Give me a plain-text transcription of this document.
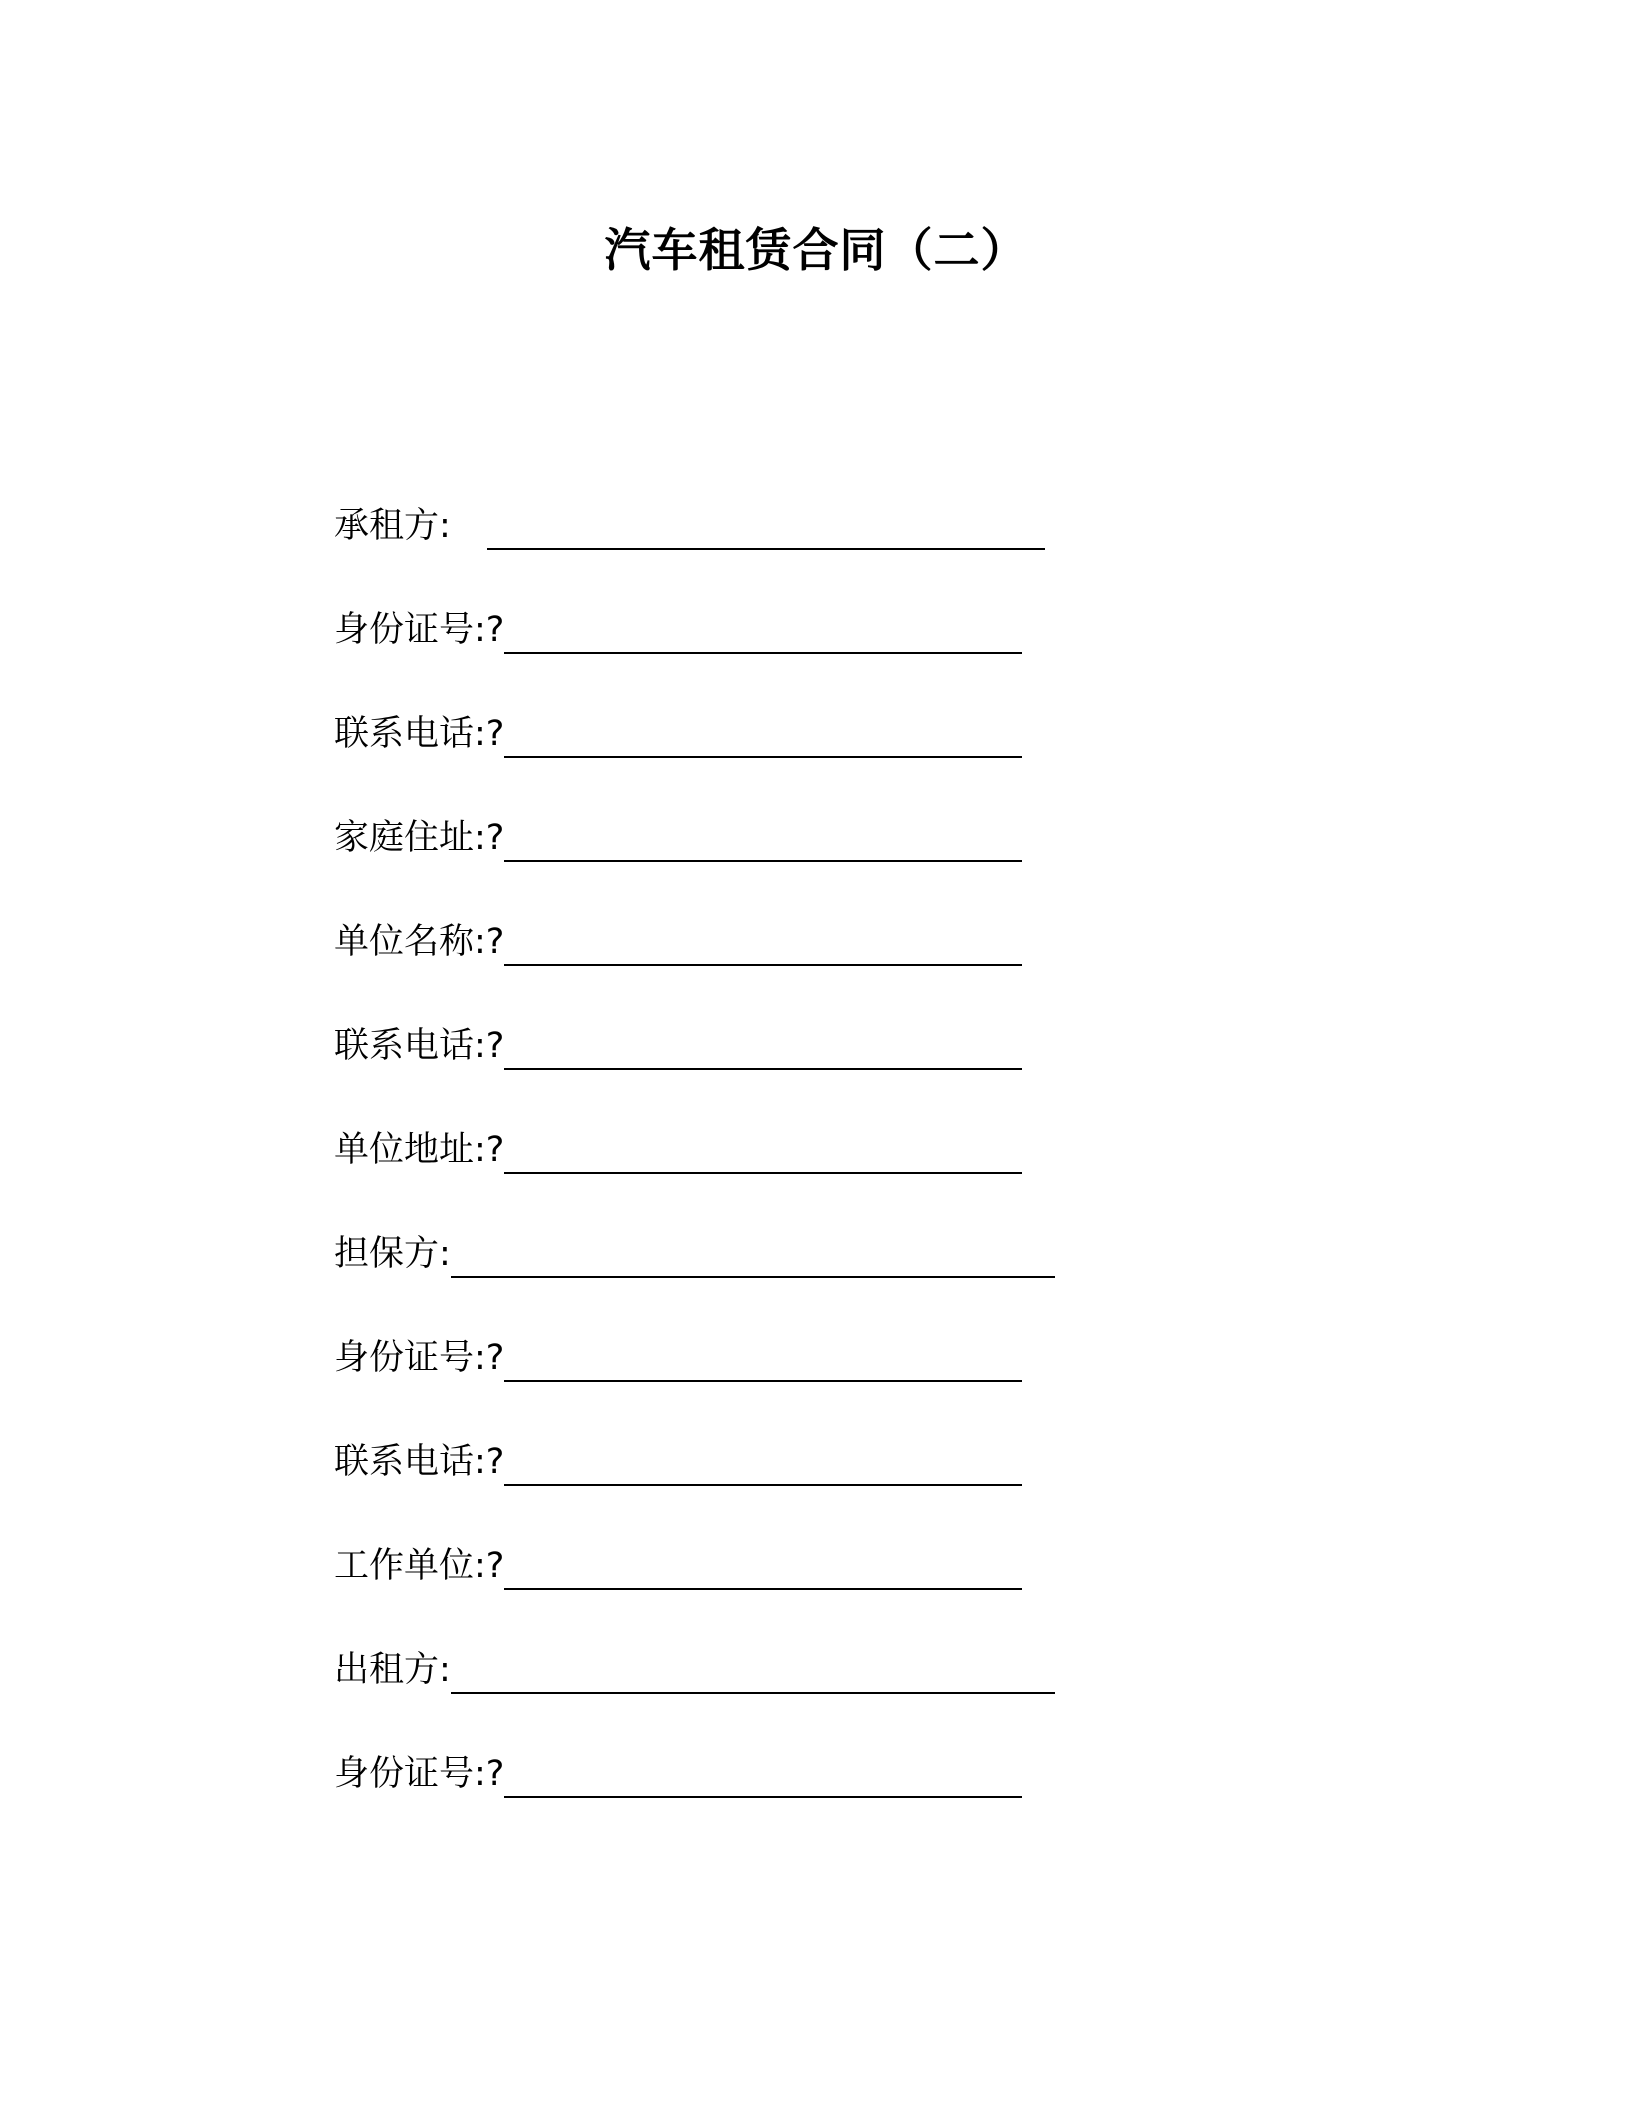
汽车租赁合同（二）
承租方:
身份证号:?
联系电话:?
家庭住址:?
单位名称:?
联系电话:?
单位地址:?
担保方:
身份证号:?
联系电话:?
工作单位:?
出租方:
身份证号:?
